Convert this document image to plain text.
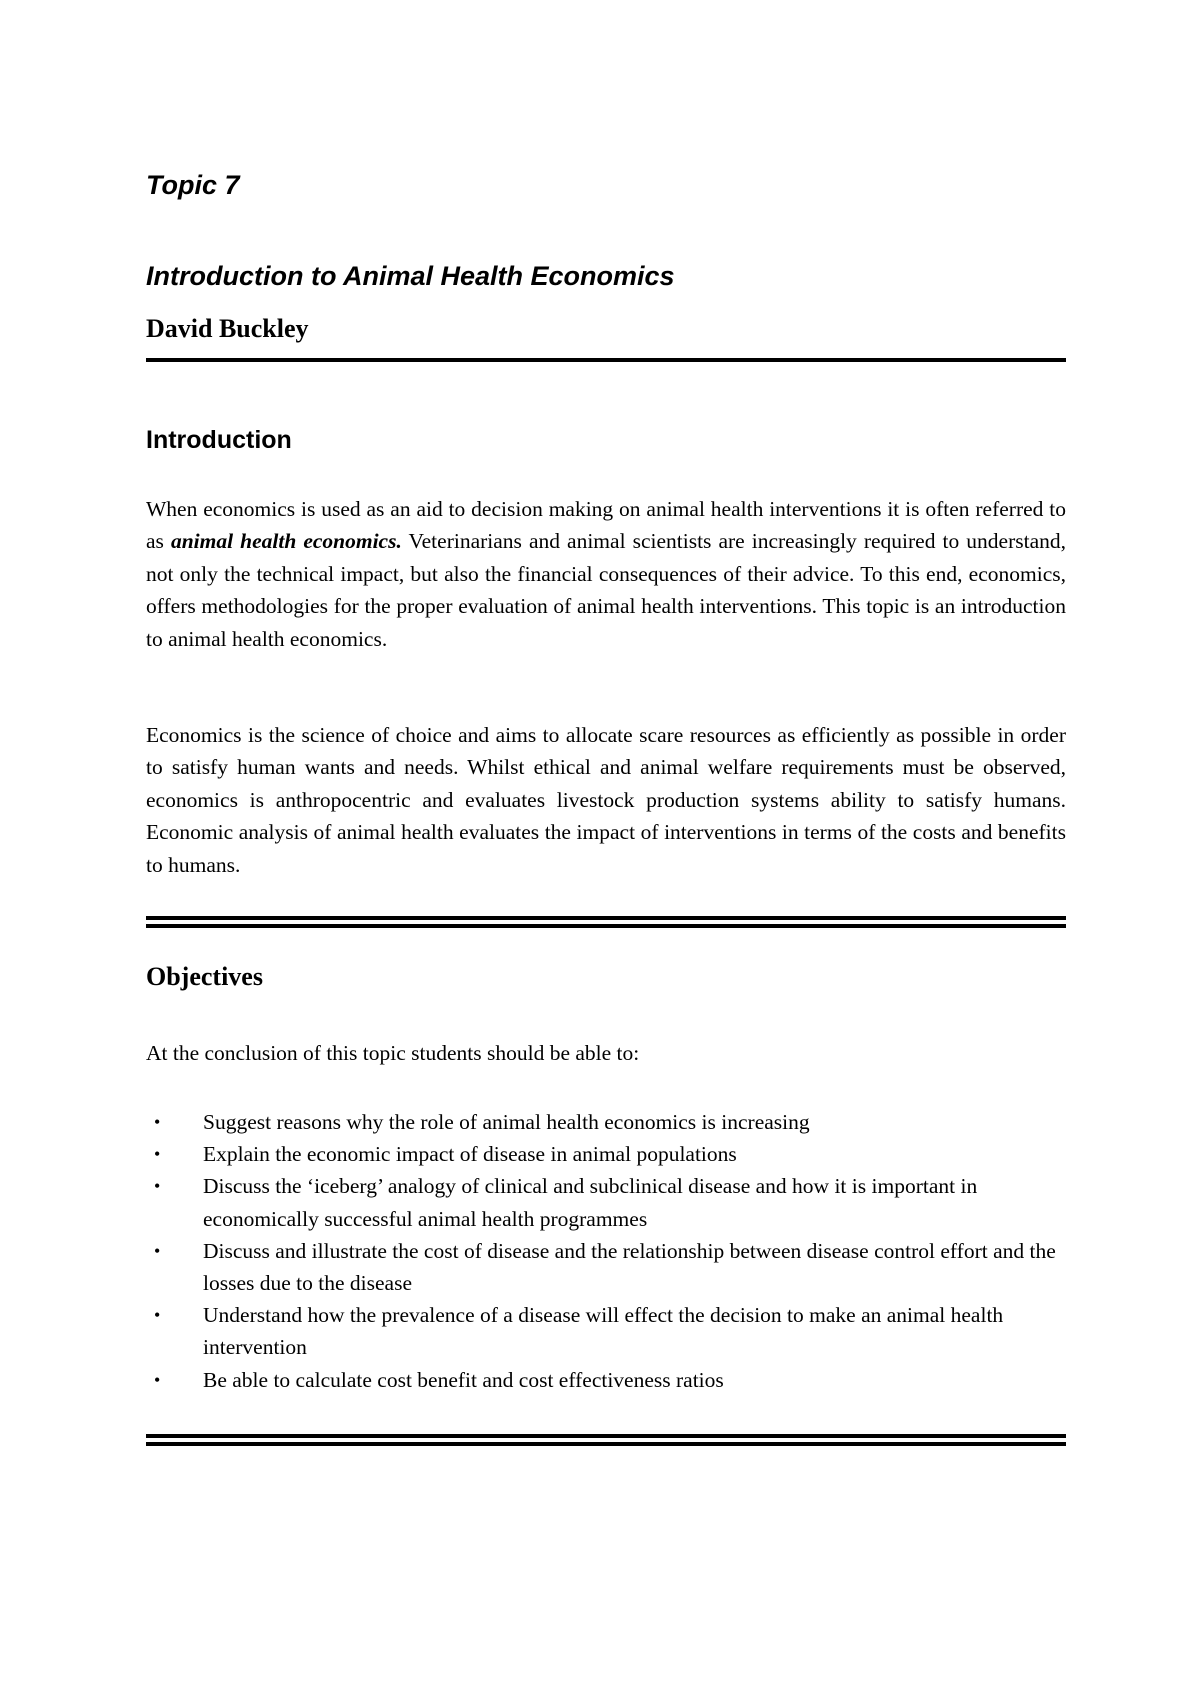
Topic 7
Introduction to Animal Health Economics
David Buckley
Introduction

When economics is used as an aid to decision making on animal health interventions it is often referred to as animal health economics. Veterinarians and animal scientists are increasingly required to understand, not only the technical impact, but also the financial consequences of their advice. To this end, economics, offers methodologies for the proper evaluation of animal health interventions. This topic is an introduction to animal health economics.

Economics is the science of choice and aims to allocate scare resources as efficiently as possible in order to satisfy human wants and needs. Whilst ethical and animal welfare requirements must be observed, economics is anthropocentric and evaluates livestock production systems ability to satisfy humans. Economic analysis of animal health evaluates the impact of interventions in terms of the costs and benefits to humans.

Objectives

At the conclusion of this topic students should be able to:

• Suggest reasons why the role of animal health economics is increasing
• Explain the economic impact of disease in animal populations
• Discuss the ‘iceberg’ analogy of clinical and subclinical disease and how it is important in economically successful animal health programmes
• Discuss and illustrate the cost of disease and the relationship between disease control effort and the losses due to the disease
• Understand how the prevalence of a disease will effect the decision to make an animal health intervention
• Be able to calculate cost benefit and cost effectiveness ratios
